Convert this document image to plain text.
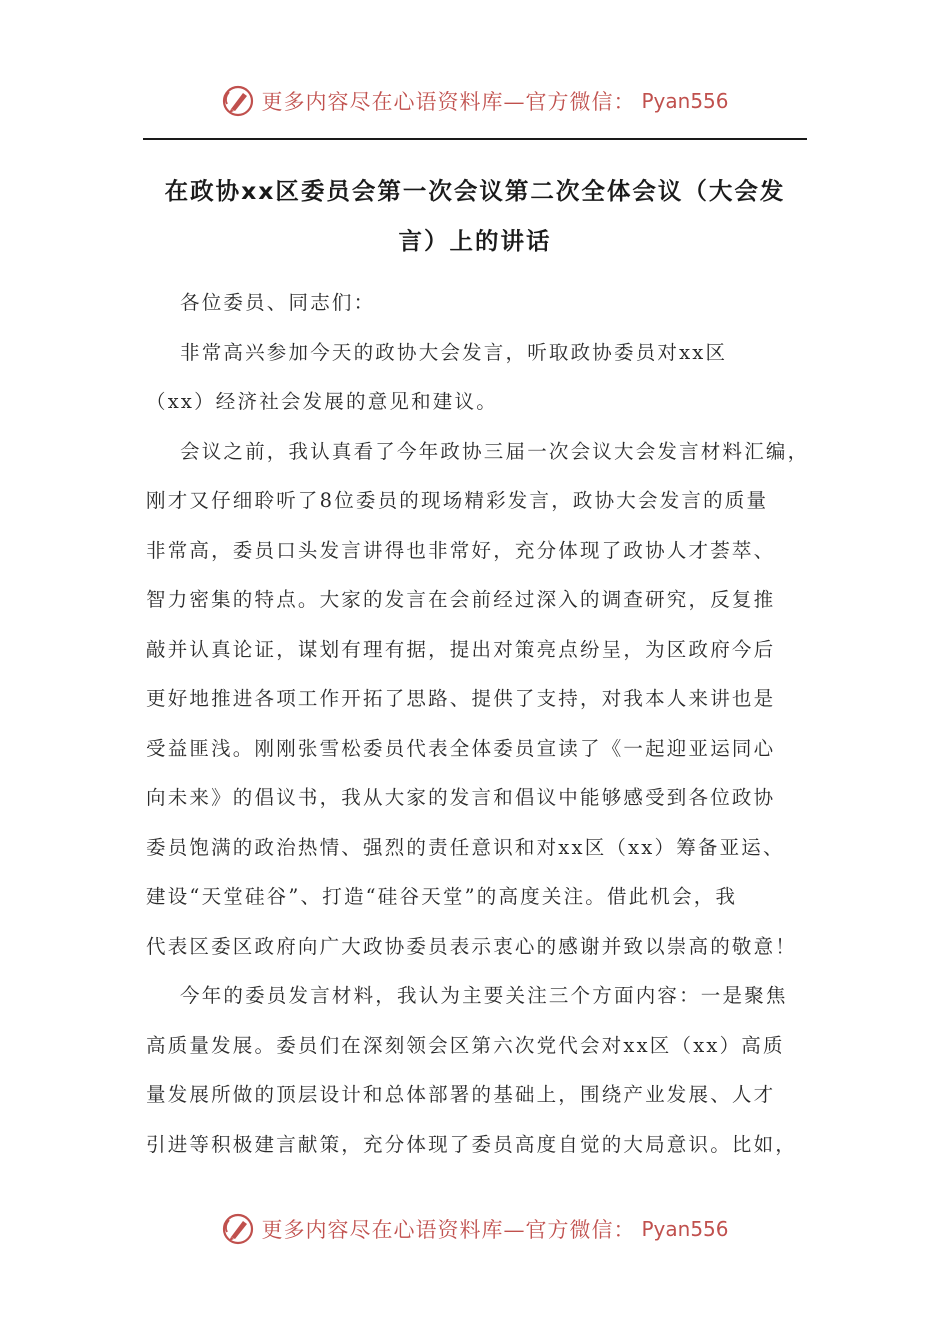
更多内容尽在心语资料库—官方微信： Pyan556
在政协xx区委员会第一次会议第二次全体会议（大会发
言）上的讲话
各位委员、同志们：
非常高兴参加今天的政协大会发言，听取政协委员对xx区
（xx）经济社会发展的意见和建议。
会议之前，我认真看了今年政协三届一次会议大会发言材料汇编，
刚才又仔细聆听了8位委员的现场精彩发言，政协大会发言的质量
非常高，委员口头发言讲得也非常好，充分体现了政协人才荟萃、
智力密集的特点。大家的发言在会前经过深入的调查研究，反复推
敲并认真论证，谋划有理有据，提出对策亮点纷呈，为区政府今后
更好地推进各项工作开拓了思路、提供了支持，对我本人来讲也是
受益匪浅。刚刚张雪松委员代表全体委员宣读了《一起迎亚运同心
向未来》的倡议书，我从大家的发言和倡议中能够感受到各位政协
委员饱满的政治热情、强烈的责任意识和对xx区（xx）筹备亚运、
建设“天堂硅谷”、打造“硅谷天堂”的高度关注。借此机会，我
代表区委区政府向广大政协委员表示衷心的感谢并致以崇高的敬意！
今年的委员发言材料，我认为主要关注三个方面内容：一是聚焦
高质量发展。委员们在深刻领会区第六次党代会对xx区（xx）高质
量发展所做的顶层设计和总体部署的基础上，围绕产业发展、人才
引进等积极建言献策，充分体现了委员高度自觉的大局意识。比如，
更多内容尽在心语资料库—官方微信： Pyan556
